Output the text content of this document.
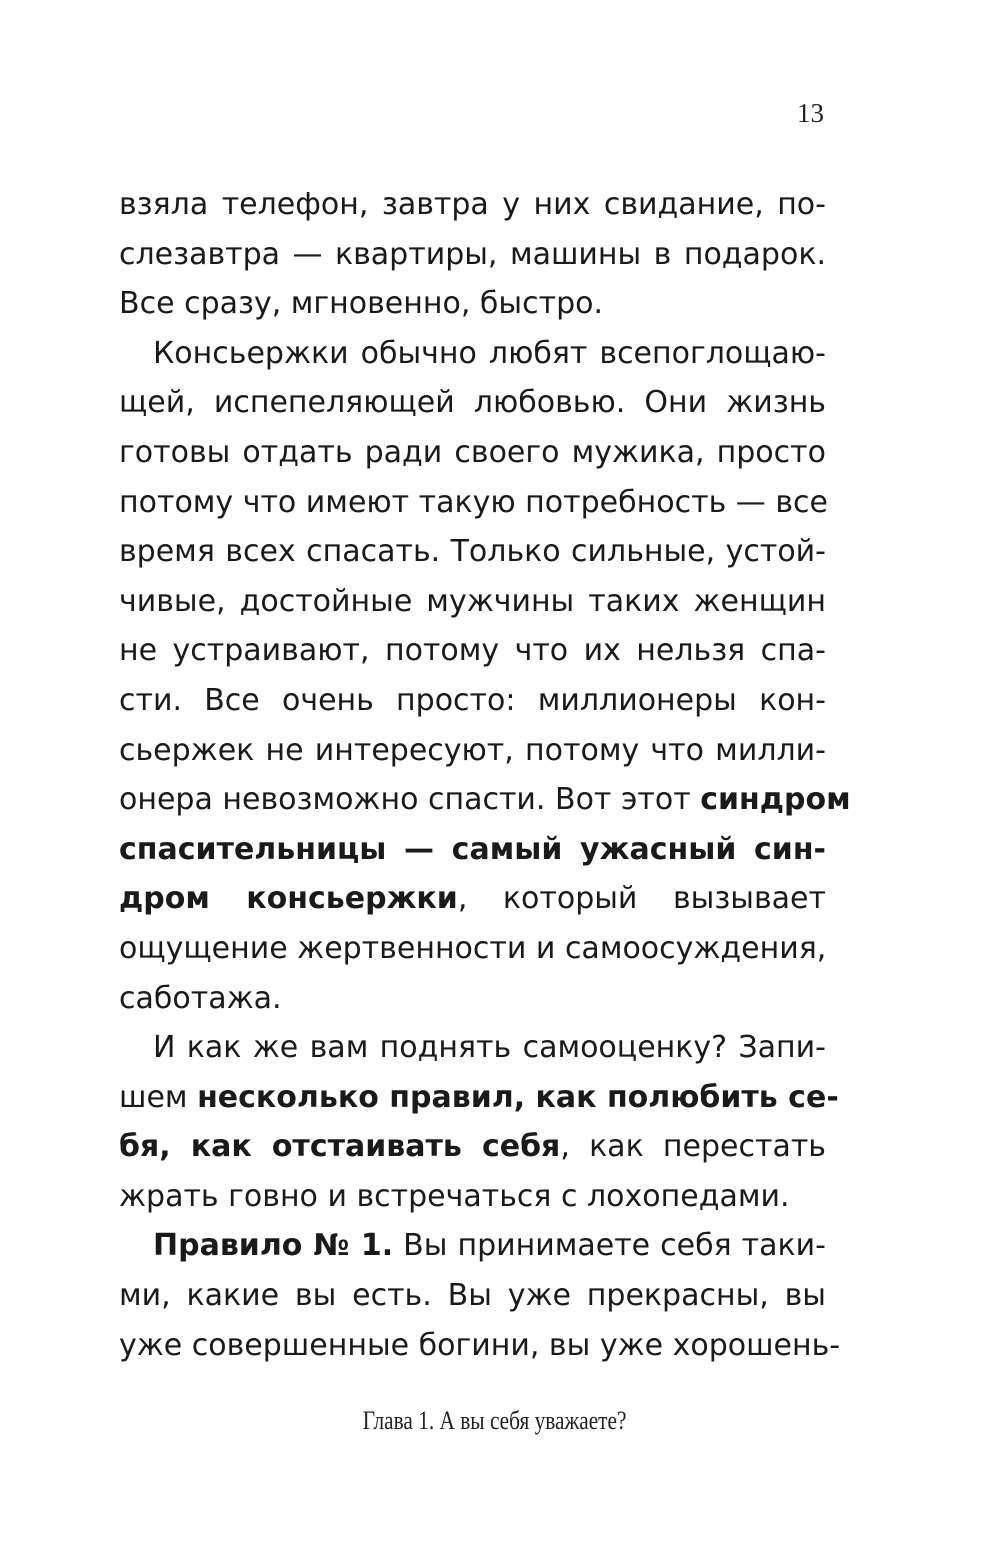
13
взяла телефон, завтра у них свидание, по-
слезавтра — квартиры, машины в подарок.
Все сразу, мгновенно, быстро.
Консьержки обычно любят всепоглощаю-
щей, испепеляющей любовью. Они жизнь
готовы отдать ради своего мужика, просто
потому что имеют такую потребность — все
время всех спасать. Только сильные, устой-
чивые, достойные мужчины таких женщин
не устраивают, потому что их нельзя спа-
сти. Все очень просто: миллионеры кон-
сьержек не интересуют, потому что милли-
онера невозможно спасти. Вот этот синдром
спасительницы — самый ужасный син-
дром консьержки, который вызывает
ощущение жертвенности и самоосуждения,
саботажа.
И как же вам поднять самооценку? Запи-
шем несколько правил, как полюбить се-
бя, как отстаивать себя, как перестать
жрать говно и встречаться с лохопедами.
Правило № 1. Вы принимаете себя таки-
ми, какие вы есть. Вы уже прекрасны, вы
уже совершенные богини, вы уже хорошень-
Глава 1. А вы себя уважаете?
